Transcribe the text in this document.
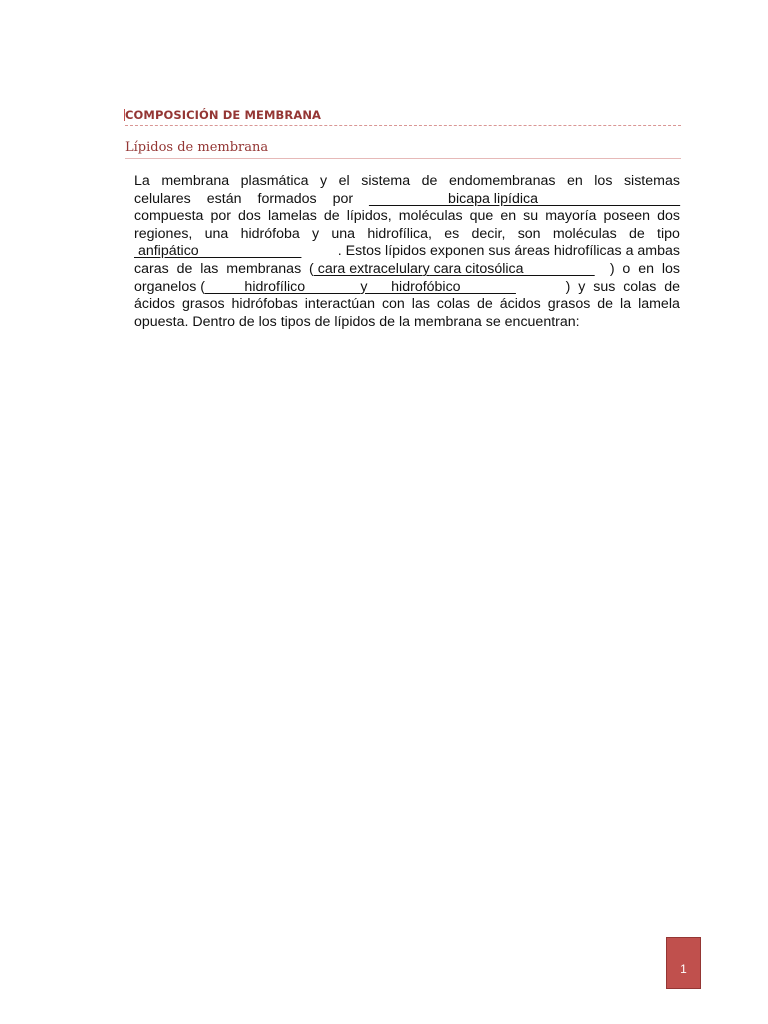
COMPOSICIÓN DE MEMBRANA
Lípidos de membrana
La membrana plasmática y el sistema de endomembranas en los sistemas
celulares están formados por __________bicapa lipídica__________________
compuesta por dos lamelas de lípidos, moléculas que en su mayoría poseen dos
regiones, una hidrófoba y una hidrofílica, es decir, son moléculas de tipo
anfipático_____________	. Estos lípidos exponen sus áreas hidrofílicas a ambas
caras  de  las  membranas  ( cara extracelular y cara citosólica_________ )  o  en  los
organelos ( _____hidrofílico_______ y ___hidrofóbico_______	)  y  sus  colas  de
ácidos grasos hidrófobas interactúan con las colas de ácidos grasos de la lamela
opuesta. Dentro de los tipos de lípidos de la membrana se encuentran:
1
